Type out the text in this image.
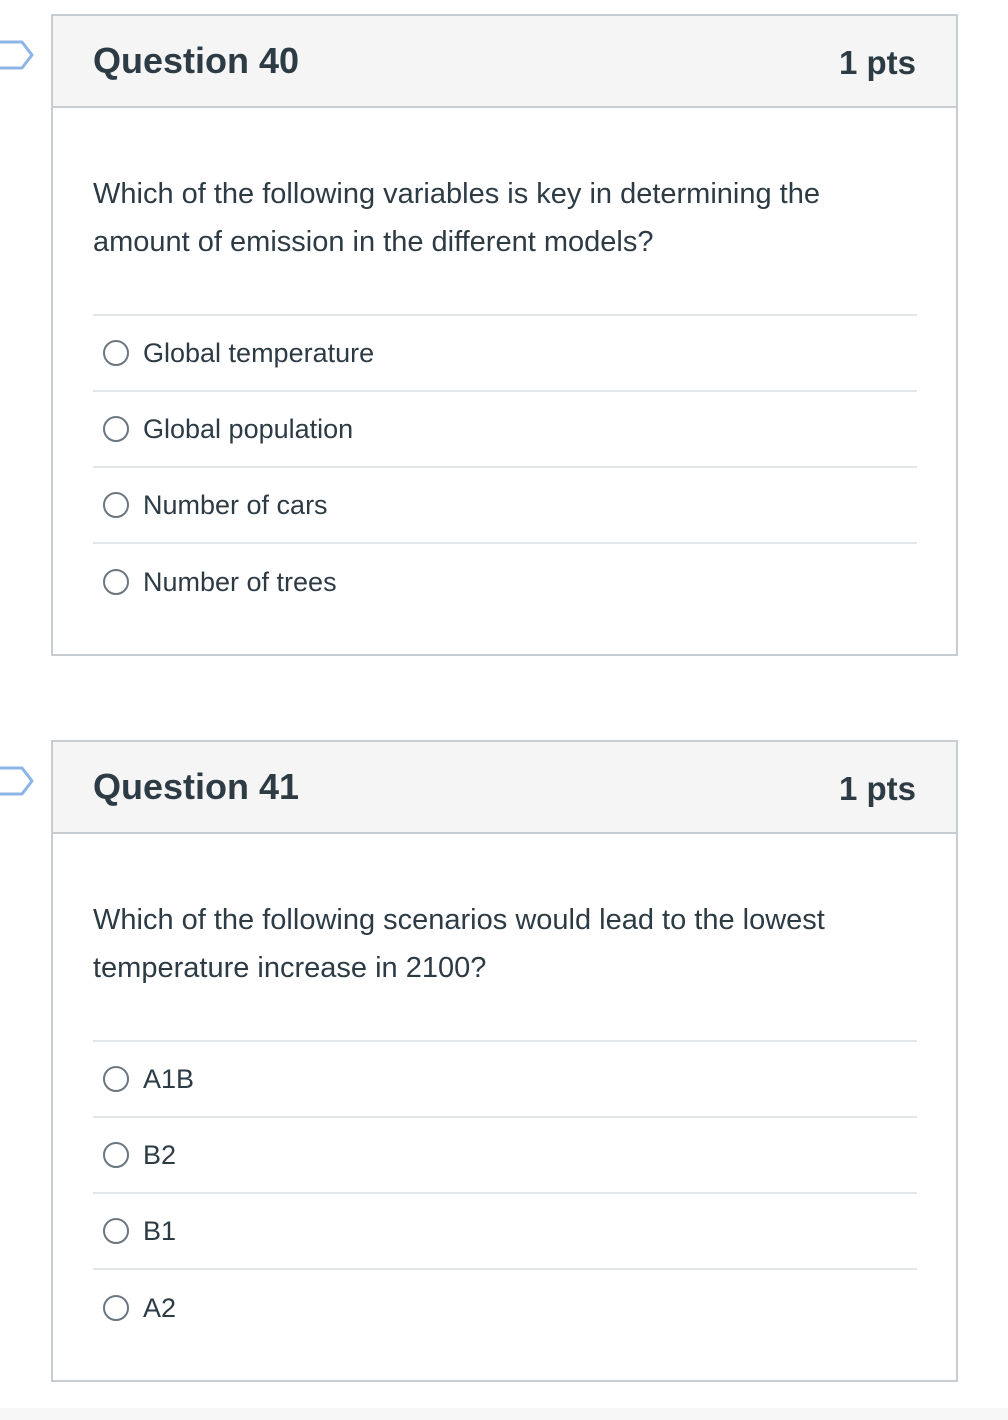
Question 40	1 pts
Which of the following variables is key in determining the amount of emission in the different models?
Global temperature
Global population
Number of cars
Number of trees
Question 41	1 pts
Which of the following scenarios would lead to the lowest temperature increase in 2100?
A1B
B2
B1
A2
